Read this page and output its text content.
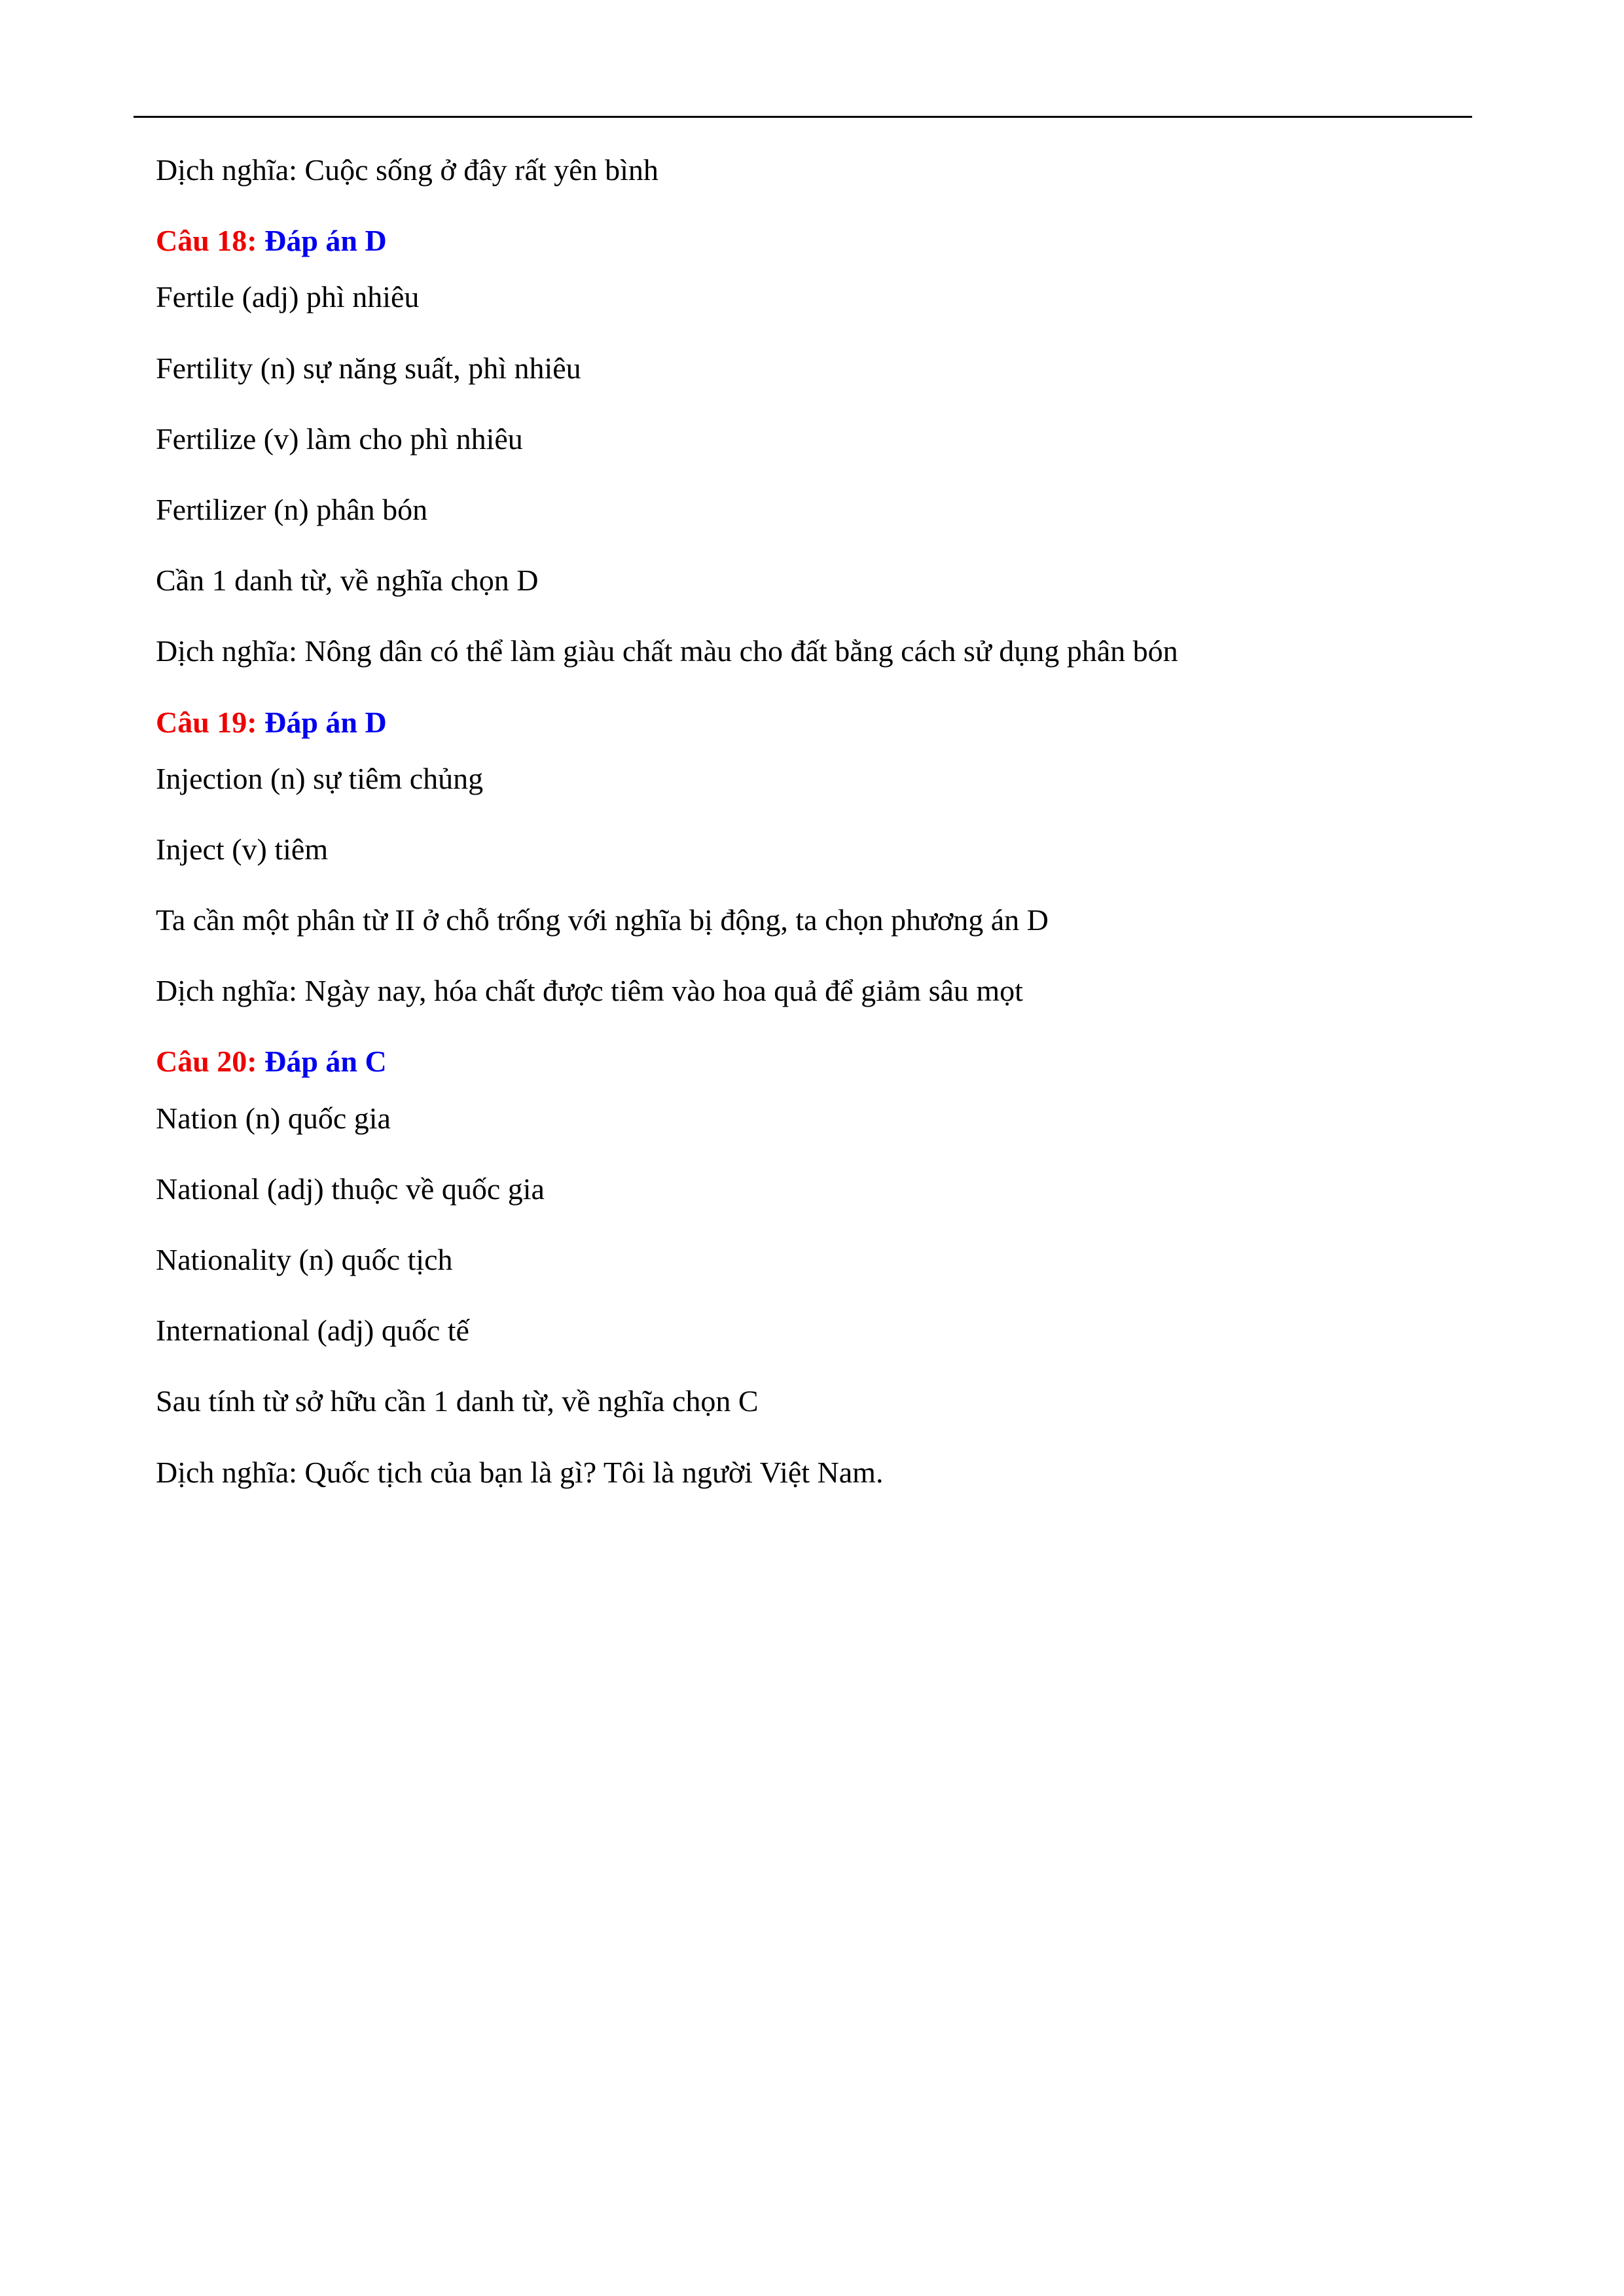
Dịch nghĩa: Cuộc sống ở đây rất yên bình

Câu 18: Đáp án D

Fertile (adj) phì nhiêu

Fertility (n) sự năng suất, phì nhiêu

Fertilize (v) làm cho phì nhiêu

Fertilizer (n) phân bón

Cần 1 danh từ, về nghĩa chọn D

Dịch nghĩa: Nông dân có thể làm giàu chất màu cho đất bằng cách sử dụng phân bón

Câu 19: Đáp án D

Injection (n) sự tiêm chủng

Inject (v) tiêm

Ta cần một phân từ II ở chỗ trống với nghĩa bị động, ta chọn phương án D

Dịch nghĩa: Ngày nay, hóa chất được tiêm vào hoa quả để giảm sâu mọt

Câu 20: Đáp án C

Nation (n) quốc gia

National (adj) thuộc về quốc gia

Nationality (n) quốc tịch

International (adj) quốc tế

Sau tính từ sở hữu cần 1 danh từ, về nghĩa chọn C

Dịch nghĩa: Quốc tịch của bạn là gì? Tôi là người Việt Nam.
